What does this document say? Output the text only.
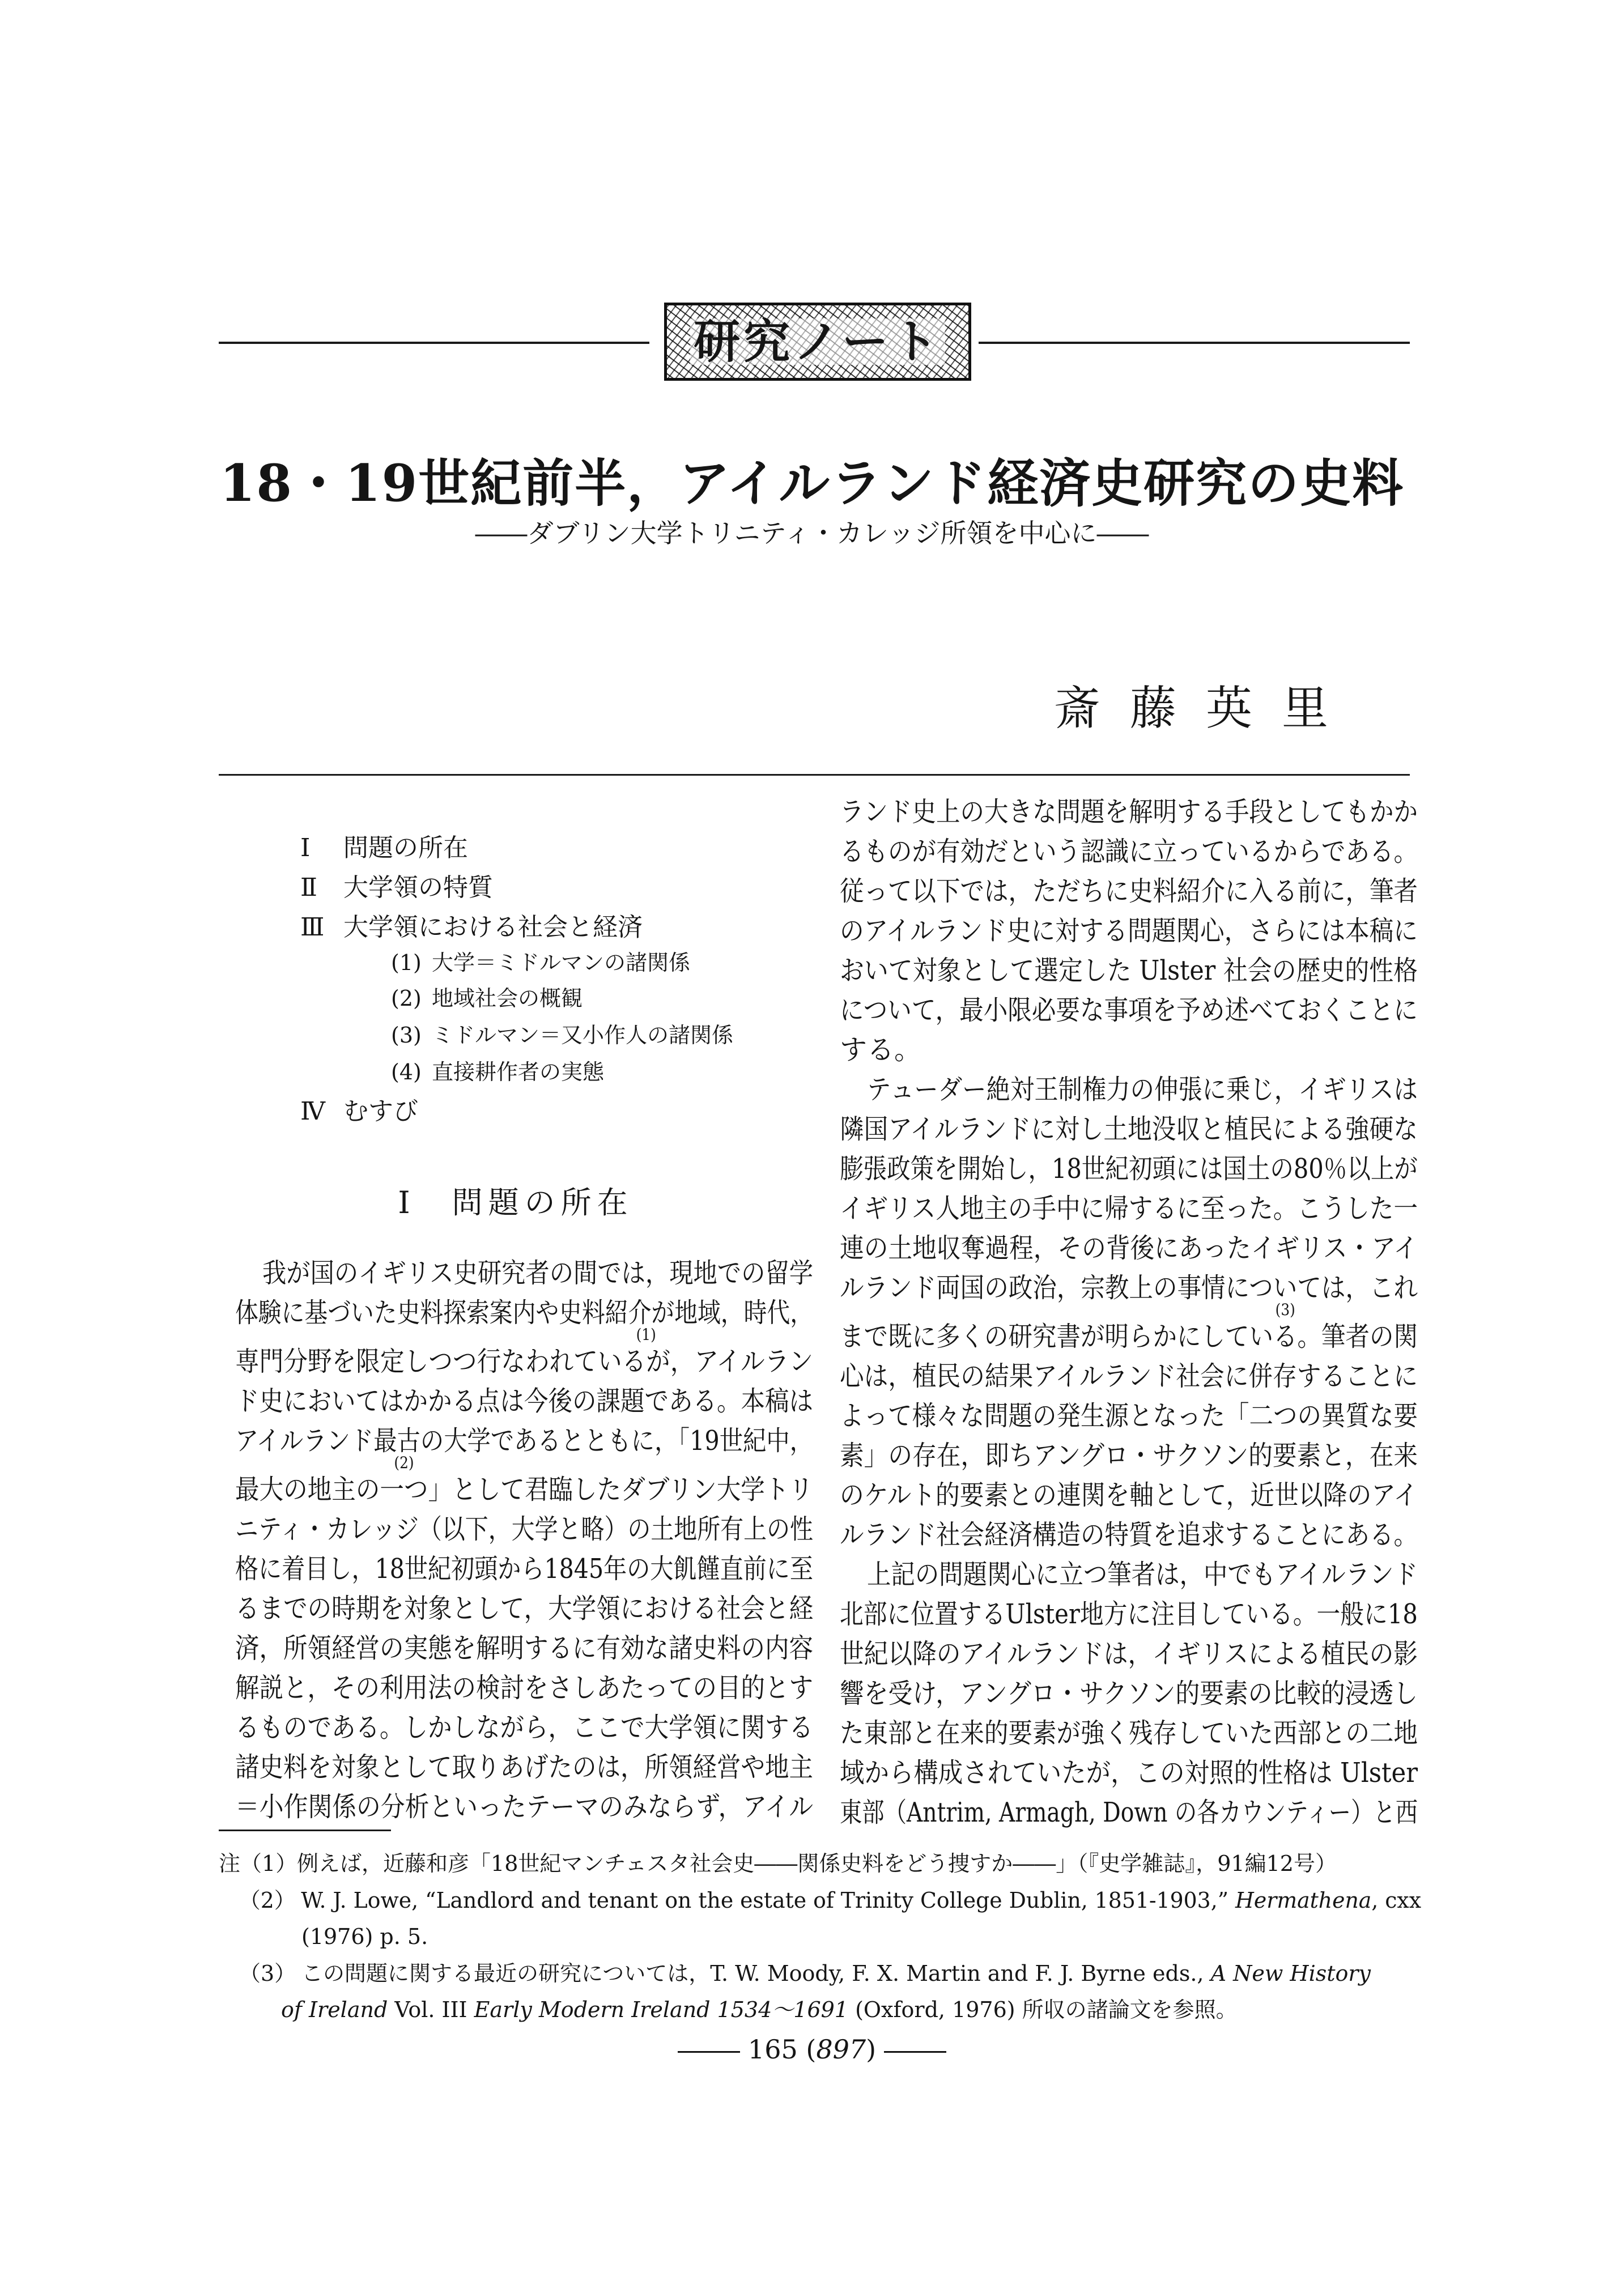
研究ノート
18・19世紀前半，アイルランド経済史研究の史料
――ダブリン大学トリニティ・カレッジ所領を中心に――
斎藤英里
Ⅰ 問題の所在
Ⅱ 大学領の特質
Ⅲ 大学領における社会と経済
(1) 大学＝ミドルマンの諸関係
(2) 地域社会の概観
(3) ミドルマン＝又小作人の諸関係
(4) 直接耕作者の実態
Ⅳ むすび
Ⅰ　問題の所在
我が国のイギリス史研究者の間では，現地での留学
体験に基づいた史料探索案内や史料紹介が地域，時代，
専門分野を限定しつつ行なわれているが
(1)
，アイルラン
ド史においてはかかる点は今後の課題である。本稿は
アイルランド最古の大学であるとともに，「19世紀中，
最大の地主の一つ
(2)
」として君臨したダブリン大学トリ
ニティ・カレッジ（以下，大学と略）の土地所有上の性
格に着目し，18世紀初頭から1845年の大飢饉直前に至
るまでの時期を対象として，大学領における社会と経
済，所領経営の実態を解明するに有効な諸史料の内容
解説と，その利用法の検討をさしあたっての目的とす
るものである。しかしながら，ここで大学領に関する
諸史料を対象として取りあげたのは，所領経営や地主
＝小作関係の分析といったテーマのみならず，アイル
ランド史上の大きな問題を解明する手段としてもかか
るものが有効だという認識に立っているからである。
従って以下では，ただちに史料紹介に入る前に，筆者
のアイルランド史に対する問題関心，さらには本稿に
おいて対象として選定した Ulster 社会の歴史的性格
について，最小限必要な事項を予め述べておくことに
する。
テューダー絶対王制権力の伸張に乗じ，イギリスは
隣国アイルランドに対し土地没収と植民による強硬な
膨張政策を開始し，18世紀初頭には国土の80％以上が
イギリス人地主の手中に帰するに至った。こうした一
連の土地収奪過程，その背後にあったイギリス・アイ
ルランド両国の政治，宗教上の事情については，これ
まで既に多くの研究書が明らかにしている
(3)
。筆者の関
心は，植民の結果アイルランド社会に併存することに
よって様々な問題の発生源となった「二つの異質な要
素」の存在，即ちアングロ・サクソン的要素と，在来
のケルト的要素との連関を軸として，近世以降のアイ
ルランド社会経済構造の特質を追求することにある。
上記の問題関心に立つ筆者は，中でもアイルランド
北部に位置するUlster地方に注目している。一般に18
世紀以降のアイルランドは，イギリスによる植民の影
響を受け，アングロ・サクソン的要素の比較的浸透し
た東部と在来的要素が強く残存していた西部との二地
域から構成されていたが，この対照的性格は Ulster
東部（Antrim, Armagh, Down の各カウンティー）と西
注（1）例えば，近藤和彦「18世紀マンチェスタ社会史――関係史料をどう捜すか――」（『史学雑誌』，91編12号）
（2） W. J. Lowe, “Landlord and tenant on the estate of Trinity College Dublin, 1851-1903,” Hermathena, cxx
(1976) p. 5.
（3） この問題に関する最近の研究については，T. W. Moody, F. X. Martin and F. J. Byrne eds., A New History
of Ireland Vol. III Early Modern Ireland 1534～1691 (Oxford, 1976) 所収の諸論文を参照。
165 (897)
